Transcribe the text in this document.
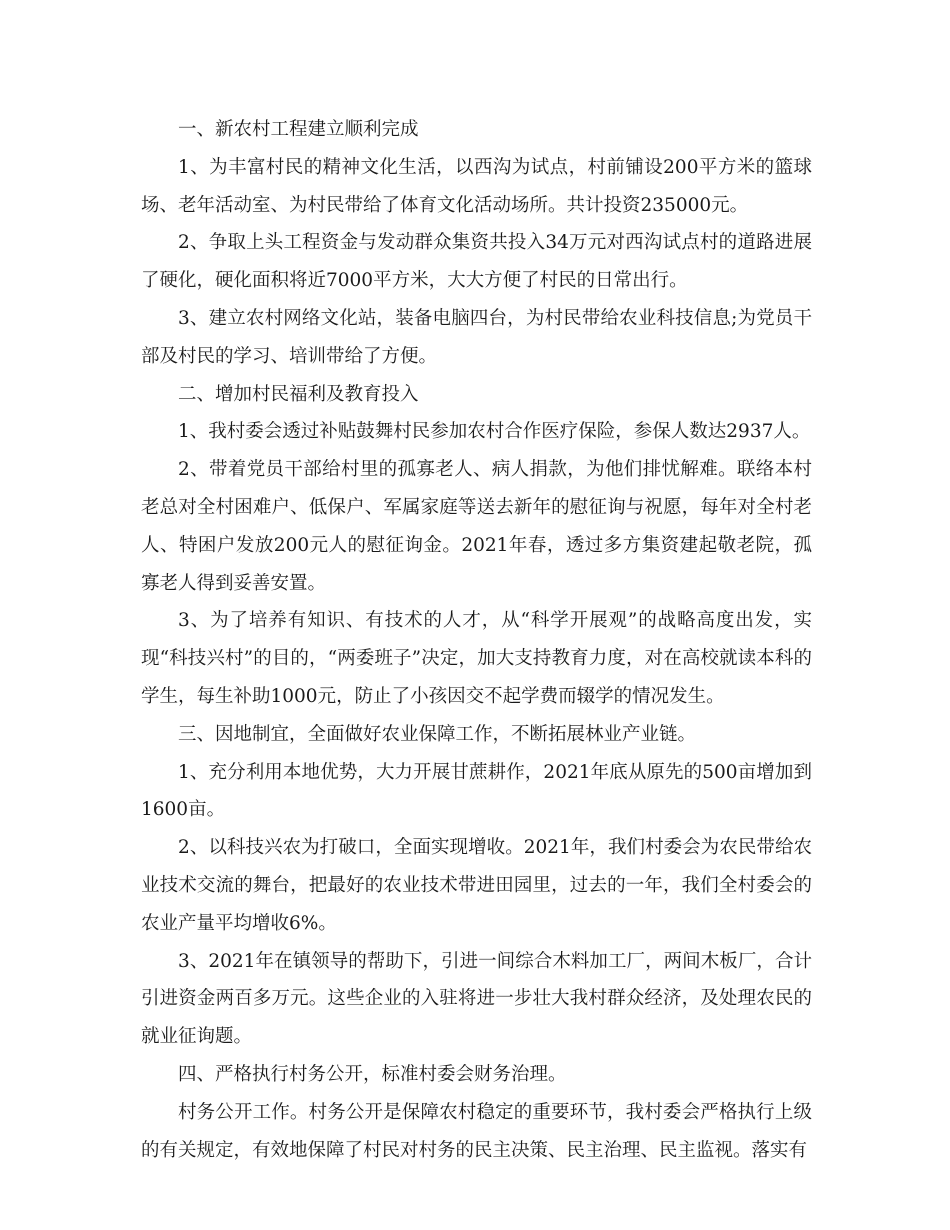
一、新农村工程建立顺利完成

1、为丰富村民的精神文化生活，以西沟为试点，村前铺设200平方米的篮球场、老年活动室、为村民带给了体育文化活动场所。共计投资235000元。

2、争取上头工程资金与发动群众集资共投入34万元对西沟试点村的道路进展了硬化，硬化面积将近7000平方米，大大方便了村民的日常出行。

3、建立农村网络文化站，装备电脑四台，为村民带给农业科技信息;为党员干部及村民的学习、培训带给了方便。

二、增加村民福利及教育投入

1、我村委会透过补贴鼓舞村民参加农村合作医疗保险，参保人数达2937人。

2、带着党员干部给村里的孤寡老人、病人捐款，为他们排忧解难。联络本村老总对全村困难户、低保户、军属家庭等送去新年的慰征询与祝愿，每年对全村老人、特困户发放200元人的慰征询金。2021年春，透过多方集资建起敬老院，孤寡老人得到妥善安置。

3、为了培养有知识、有技术的人才，从“科学开展观”的战略高度出发，实现“科技兴村”的目的，“两委班子”决定，加大支持教育力度，对在高校就读本科的学生，每生补助1000元，防止了小孩因交不起学费而辍学的情况发生。

三、因地制宜，全面做好农业保障工作，不断拓展林业产业链。

1、充分利用本地优势，大力开展甘蔗耕作，2021年底从原先的500亩增加到1600亩。

2、以科技兴农为打破口，全面实现增收。2021年，我们村委会为农民带给农业技术交流的舞台，把最好的农业技术带进田园里，过去的一年，我们全村委会的农业产量平均增收6%。

3、2021年在镇领导的帮助下，引进一间综合木料加工厂，两间木板厂，合计引进资金两百多万元。这些企业的入驻将进一步壮大我村群众经济，及处理农民的就业征询题。

四、严格执行村务公开，标准村委会财务治理。

村务公开工作。村务公开是保障农村稳定的重要环节，我村委会严格执行上级的有关规定，有效地保障了村民对村务的民主决策、民主治理、民主监视。落实有
